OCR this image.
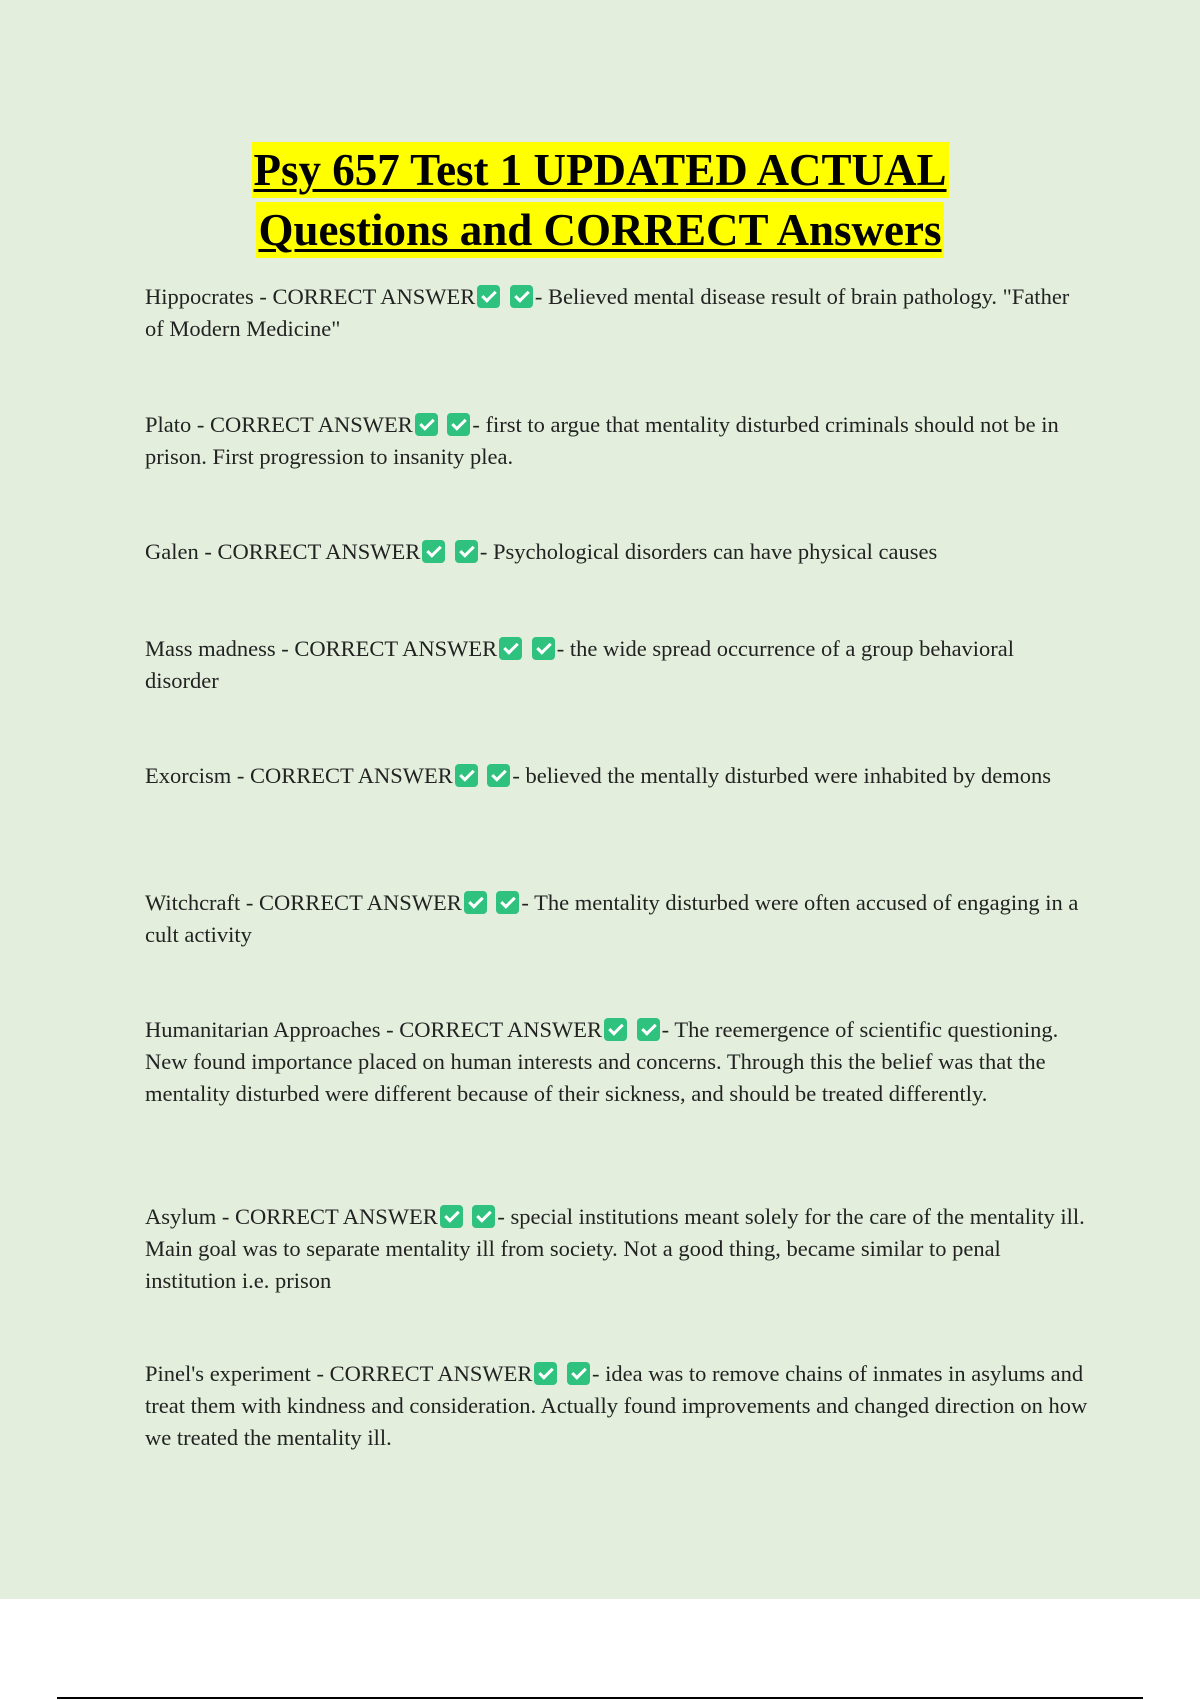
Psy 657 Test 1 UPDATED ACTUAL
Questions and CORRECT Answers
Hippocrates - CORRECT ANSWER	- Believed mental disease result of brain pathology. "Father of Modern Medicine"
Plato - CORRECT ANSWER	- first to argue that mentality disturbed criminals should not be in prison. First progression to insanity plea.
Galen - CORRECT ANSWER	- Psychological disorders can have physical causes
Mass madness - CORRECT ANSWER	- the wide spread occurrence of a group behavioral disorder
Exorcism - CORRECT ANSWER	- believed the mentally disturbed were inhabited by demons
Witchcraft - CORRECT ANSWER	- The mentality disturbed were often accused of engaging in a cult activity
Humanitarian Approaches - CORRECT ANSWER	- The reemergence of scientific questioning. New found importance placed on human interests and concerns. Through this the belief was that the mentality disturbed were different because of their sickness, and should be treated differently.
Asylum - CORRECT ANSWER	- special institutions meant solely for the care of the mentality ill. Main goal was to separate mentality ill from society. Not a good thing, became similar to penal institution i.e. prison
Pinel's experiment - CORRECT ANSWER	- idea was to remove chains of inmates in asylums and treat them with kindness and consideration. Actually found improvements and changed direction on how we treated the mentality ill.
